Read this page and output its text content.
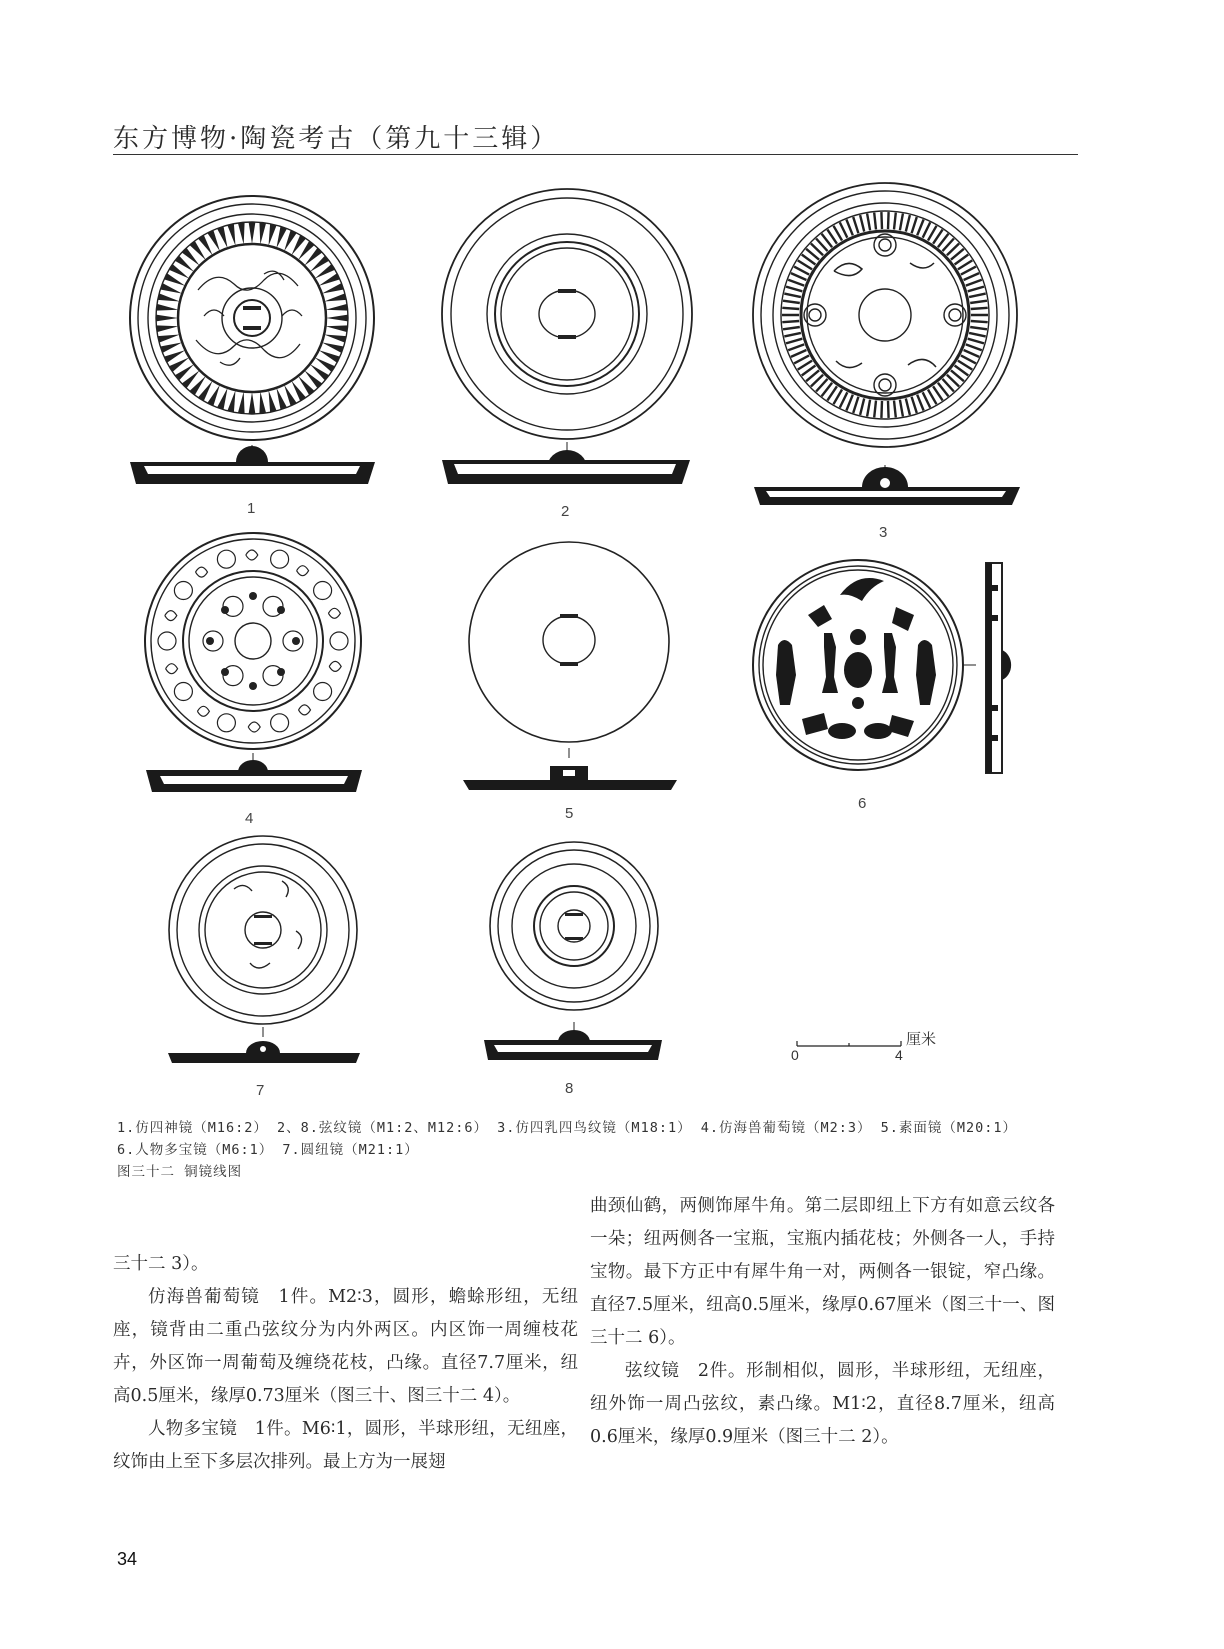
东方博物·陶瓷考古（第九十三辑）
1	2
3
4	5
6
7	8
厘米
0	4
1.仿四神镜（M16:2） 2、8.弦纹镜（M1:2、M12:6） 3.仿四乳四鸟纹镜（M18:1） 4.仿海兽葡萄镜（M2:3） 5.素面镜（M20:1）
6.人物多宝镜（M6:1） 7.圆纽镜（M21:1）
图三十二 铜镜线图

三十二 3）。

仿海兽葡萄镜　1件。M2∶3，圆形，蟾蜍形纽，无纽座，镜背由二重凸弦纹分为内外两区。内区饰一周缠枝花卉，外区饰一周葡萄及缠绕花枝，凸缘。直径7.7厘米，纽高0.5厘米，缘厚0.73厘米（图三十、图三十二 4）。

人物多宝镜　1件。M6∶1，圆形，半球形纽，无纽座，纹饰由上至下多层次排列。最上方为一展翅

曲颈仙鹤，两侧饰犀牛角。第二层即纽上下方有如意云纹各一朵；纽两侧各一宝瓶，宝瓶内插花枝；外侧各一人，手持宝物。最下方正中有犀牛角一对，两侧各一银锭，窄凸缘。直径7.5厘米，纽高0.5厘米，缘厚0.67厘米（图三十一、图三十二 6）。

弦纹镜　2件。形制相似，圆形，半球形纽，无纽座，纽外饰一周凸弦纹，素凸缘。M1∶2，直径8.7厘米，纽高0.6厘米，缘厚0.9厘米（图三十二 2）。

34
